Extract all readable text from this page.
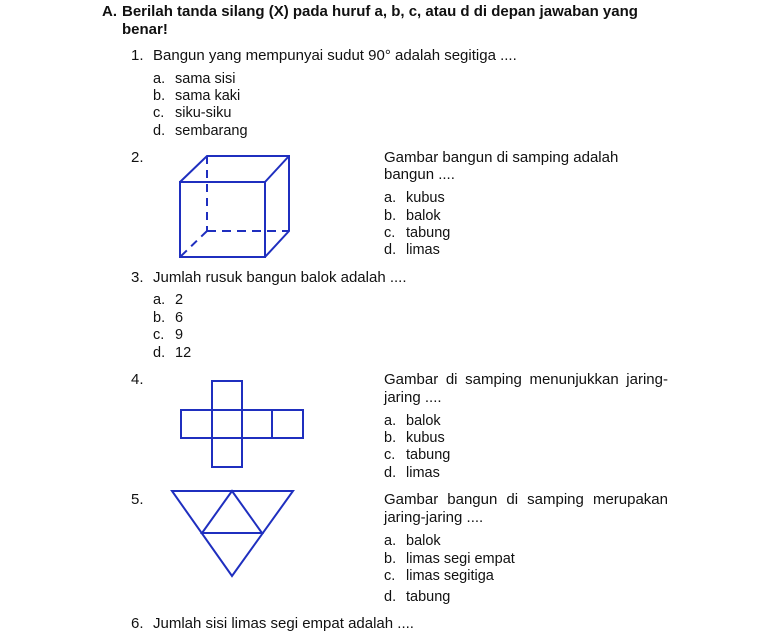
A. Berilah tanda silang (X) pada huruf a, b, c, atau d di depan jawaban yang
benar!
1. Bangun yang mempunyai sudut 90° adalah segitiga ....
a. sama sisi
b. sama kaki
c. siku-siku
d. sembarang
2.	Gambar bangun di samping adalah
bangun ....
a. kubus
b. balok
c. tabung
d. limas
3. Jumlah rusuk bangun balok adalah ....
a. 2
b. 6
c. 9
d. 12
4.	Gambar di samping menunjukkan jaring-
jaring ....
a. balok
b. kubus
c. tabung
d. limas
5.	Gambar bangun di samping merupakan
jaring-jaring ....
a. balok
b. limas segi empat
c. limas segitiga
d. tabung
6. Jumlah sisi limas segi empat adalah ....
